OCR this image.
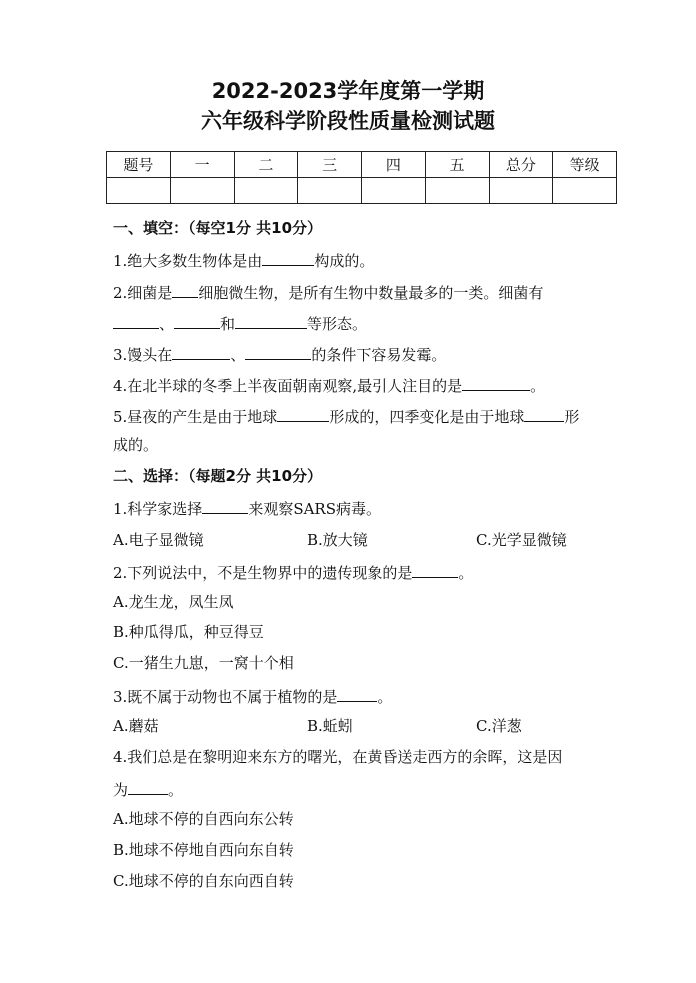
2022-2023学年度第一学期
六年级科学阶段性质量检测试题
题号	一	二	三	四	五	总分	等级

一、填空：（每空1分 共10分）
1.绝大多数生物体是由	构成的。
2.细菌是 细胞微生物，是所有生物中数量最多的一类。细菌有
、	和	等形态。
3.馒头在	、	的条件下容易发霉。
4.在北半球的冬季上半夜面朝南观察,最引人注目的是	。
5.昼夜的产生是由于地球	形成的，四季变化是由于地球	形
成的。
二、选择：（每题2分 共10分）
1.科学家选择	来观察SARS病毒。
A.电子显微镜	B.放大镜	C.光学显微镜
2.下列说法中，不是生物界中的遗传现象的是	。
A.龙生龙，凤生凤
B.种瓜得瓜，种豆得豆
C.一猪生九崽，一窝十个相
3.既不属于动物也不属于植物的是	。
A.蘑菇	B.蚯蚓	C.洋葱
4.我们总是在黎明迎来东方的曙光，在黄昏送走西方的余晖，这是因
为	。
A.地球不停的自西向东公转
B.地球不停地自西向东自转
C.地球不停的自东向西自转
